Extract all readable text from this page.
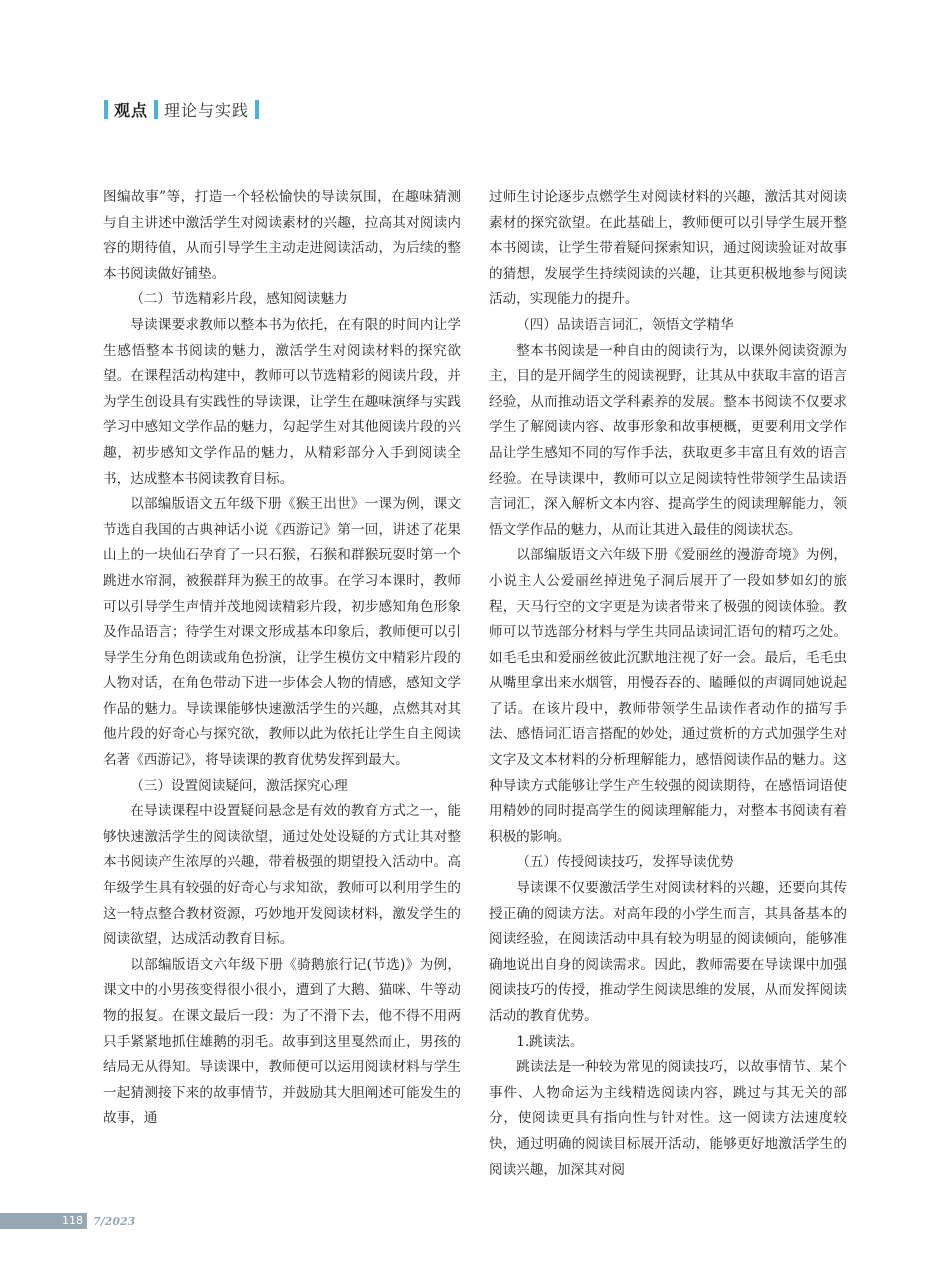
观点 理论与实践

图编故事”等，打造一个轻松愉快的导读氛围，在趣味猜测与自主讲述中激活学生对阅读素材的兴趣，拉高其对阅读内容的期待值，从而引导学生主动走进阅读活动，为后续的整本书阅读做好铺垫。

（二）节选精彩片段，感知阅读魅力

导读课要求教师以整本书为依托，在有限的时间内让学生感悟整本书阅读的魅力，激活学生对阅读材料的探究欲望。在课程活动构建中，教师可以节选精彩的阅读片段，并为学生创设具有实践性的导读课，让学生在趣味演绎与实践学习中感知文学作品的魅力，勾起学生对其他阅读片段的兴趣，初步感知文学作品的魅力，从精彩部分入手到阅读全书，达成整本书阅读教育目标。

以部编版语文五年级下册《猴王出世》一课为例，课文节选自我国的古典神话小说《西游记》第一回，讲述了花果山上的一块仙石孕育了一只石猴，石猴和群猴玩耍时第一个跳进水帘洞，被猴群拜为猴王的故事。在学习本课时，教师可以引导学生声情并茂地阅读精彩片段，初步感知角色形象及作品语言；待学生对课文形成基本印象后，教师便可以引导学生分角色朗读或角色扮演，让学生模仿文中精彩片段的人物对话，在角色带动下进一步体会人物的情感，感知文学作品的魅力。导读课能够快速激活学生的兴趣，点燃其对其他片段的好奇心与探究欲，教师以此为依托让学生自主阅读名著《西游记》，将导读课的教育优势发挥到最大。

（三）设置阅读疑问，激活探究心理

在导读课程中设置疑问悬念是有效的教育方式之一，能够快速激活学生的阅读欲望，通过处处设疑的方式让其对整本书阅读产生浓厚的兴趣，带着极强的期望投入活动中。高年级学生具有较强的好奇心与求知欲，教师可以利用学生的这一特点整合教材资源，巧妙地开发阅读材料，激发学生的阅读欲望，达成活动教育目标。

以部编版语文六年级下册《骑鹅旅行记(节选)》为例，课文中的小男孩变得很小很小，遭到了大鹅、猫咪、牛等动物的报复。在课文最后一段：为了不滑下去，他不得不用两只手紧紧地抓住雄鹅的羽毛。故事到这里戛然而止，男孩的结局无从得知。导读课中，教师便可以运用阅读材料与学生一起猜测接下来的故事情节，并鼓励其大胆阐述可能发生的故事，通

过师生讨论逐步点燃学生对阅读材料的兴趣，激活其对阅读素材的探究欲望。在此基础上，教师便可以引导学生展开整本书阅读，让学生带着疑问探索知识，通过阅读验证对故事的猜想，发展学生持续阅读的兴趣，让其更积极地参与阅读活动，实现能力的提升。

（四）品读语言词汇，领悟文学精华

整本书阅读是一种自由的阅读行为，以课外阅读资源为主，目的是开阔学生的阅读视野，让其从中获取丰富的语言经验，从而推动语文学科素养的发展。整本书阅读不仅要求学生了解阅读内容、故事形象和故事梗概，更要利用文学作品让学生感知不同的写作手法，获取更多丰富且有效的语言经验。在导读课中，教师可以立足阅读特性带领学生品读语言词汇，深入解析文本内容、提高学生的阅读理解能力，领悟文学作品的魅力，从而让其进入最佳的阅读状态。

以部编版语文六年级下册《爱丽丝的漫游奇境》为例，小说主人公爱丽丝掉进兔子洞后展开了一段如梦如幻的旅程，天马行空的文字更是为读者带来了极强的阅读体验。教师可以节选部分材料与学生共同品读词汇语句的精巧之处。如毛毛虫和爱丽丝彼此沉默地注视了好一会。最后，毛毛虫从嘴里拿出来水烟管，用慢吞吞的、瞌睡似的声调同她说起了话。在该片段中，教师带领学生品读作者动作的描写手法、感悟词汇语言搭配的妙处，通过赏析的方式加强学生对文字及文本材料的分析理解能力，感悟阅读作品的魅力。这种导读方式能够让学生产生较强的阅读期待，在感悟词语使用精妙的同时提高学生的阅读理解能力，对整本书阅读有着积极的影响。

（五）传授阅读技巧，发挥导读优势

导读课不仅要激活学生对阅读材料的兴趣，还要向其传授正确的阅读方法。对高年段的小学生而言，其具备基本的阅读经验，在阅读活动中具有较为明显的阅读倾向，能够准确地说出自身的阅读需求。因此，教师需要在导读课中加强阅读技巧的传授，推动学生阅读思维的发展，从而发挥阅读活动的教育优势。

1.跳读法。

跳读法是一种较为常见的阅读技巧，以故事情节、某个事件、人物命运为主线精选阅读内容，跳过与其无关的部分，使阅读更具有指向性与针对性。这一阅读方法速度较快，通过明确的阅读目标展开活动，能够更好地激活学生的阅读兴趣，加深其对阅

118 7/2023
